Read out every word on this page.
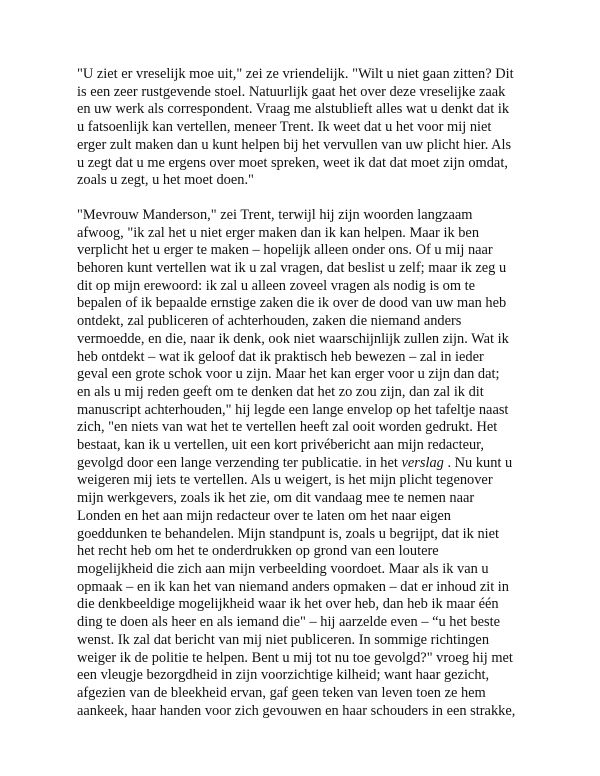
"U ziet er vreselijk moe uit," zei ze vriendelijk. "Wilt u niet gaan zitten? Dit
is een zeer rustgevende stoel. Natuurlijk gaat het over deze vreselijke zaak
en uw werk als correspondent. Vraag me alstublieft alles wat u denkt dat ik
u fatsoenlijk kan vertellen, meneer Trent. Ik weet dat u het voor mij niet
erger zult maken dan u kunt helpen bij het vervullen van uw plicht hier. Als
u zegt dat u me ergens over moet spreken, weet ik dat dat moet zijn omdat,
zoals u zegt, u het moet doen."

"Mevrouw Manderson," zei Trent, terwijl hij zijn woorden langzaam
afwoog, "ik zal het u niet erger maken dan ik kan helpen. Maar ik ben
verplicht het u erger te maken – hopelijk alleen onder ons. Of u mij naar
behoren kunt vertellen wat ik u zal vragen, dat beslist u zelf; maar ik zeg u
dit op mijn erewoord: ik zal u alleen zoveel vragen als nodig is om te
bepalen of ik bepaalde ernstige zaken die ik over de dood van uw man heb
ontdekt, zal publiceren of achterhouden, zaken die niemand anders
vermoedde, en die, naar ik denk, ook niet waarschijnlijk zullen zijn. Wat ik
heb ontdekt – wat ik geloof dat ik praktisch heb bewezen – zal in ieder
geval een grote schok voor u zijn. Maar het kan erger voor u zijn dan dat;
en als u mij reden geeft om te denken dat het zo zou zijn, dan zal ik dit
manuscript achterhouden," hij legde een lange envelop op het tafeltje naast
zich, "en niets van wat het te vertellen heeft zal ooit worden gedrukt. Het
bestaat, kan ik u vertellen, uit een kort privébericht aan mijn redacteur,
gevolgd door een lange verzending ter publicatie. in het verslag . Nu kunt u
weigeren mij iets te vertellen. Als u weigert, is het mijn plicht tegenover
mijn werkgevers, zoals ik het zie, om dit vandaag mee te nemen naar
Londen en het aan mijn redacteur over te laten om het naar eigen
goeddunken te behandelen. Mijn standpunt is, zoals u begrijpt, dat ik niet
het recht heb om het te onderdrukken op grond van een loutere
mogelijkheid die zich aan mijn verbeelding voordoet. Maar als ik van u
opmaak – en ik kan het van niemand anders opmaken – dat er inhoud zit in
die denkbeeldige mogelijkheid waar ik het over heb, dan heb ik maar één
ding te doen als heer en als iemand die" – hij aarzelde even – “u het beste
wenst. Ik zal dat bericht van mij niet publiceren. In sommige richtingen
weiger ik de politie te helpen. Bent u mij tot nu toe gevolgd?" vroeg hij met
een vleugje bezorgdheid in zijn voorzichtige kilheid; want haar gezicht,
afgezien van de bleekheid ervan, gaf geen teken van leven toen ze hem
aankeek, haar handen voor zich gevouwen en haar schouders in een strakke,
